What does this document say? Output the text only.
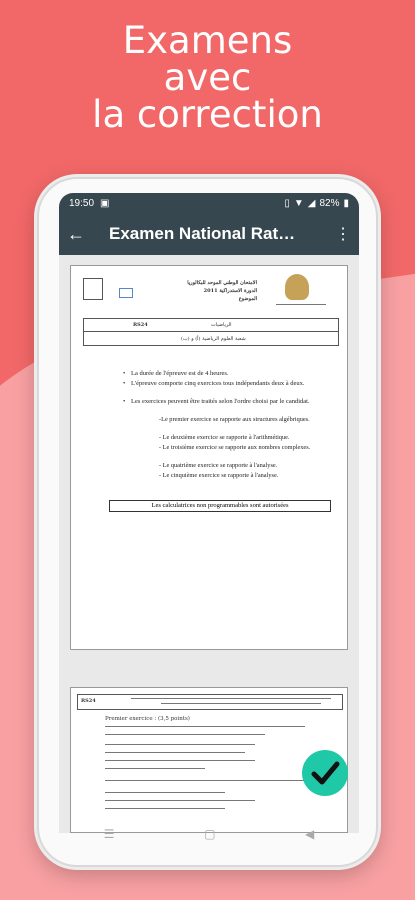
Examens
avec
la correction
19:50 ▣	▯ ▼ ◢ 82% ▮
←	Examen National Rat…	⋮
الامتحان الوطني الموحد للبكالوريا
الدورة الاستدراكية 2011
الموضوع
RS24	الرياضيات
شعبة العلوم الرياضية (أ) و (ب)
• La durée de l'épreuve est de 4 heures.
• L'épreuve comporte cinq exercices tous indépendants deux à deux.
• Les exercices peuvent être traités selon l'ordre choisi par le candidat.
-Le premier exercice se rapporte aux structures algébriques.
- Le deuxième exercice se rapporte à l'arithmétique.
- Le troisième exercice se rapporte aux nombres complexes.
- Le quatrième exercice se rapporte à l'analyse.
- Le cinquième exercice se rapporte à l'analyse.
Les calculatrices non programmables sont autorisées
RS24
Premier exercice : (3,5 points)
☰	▢	◀
